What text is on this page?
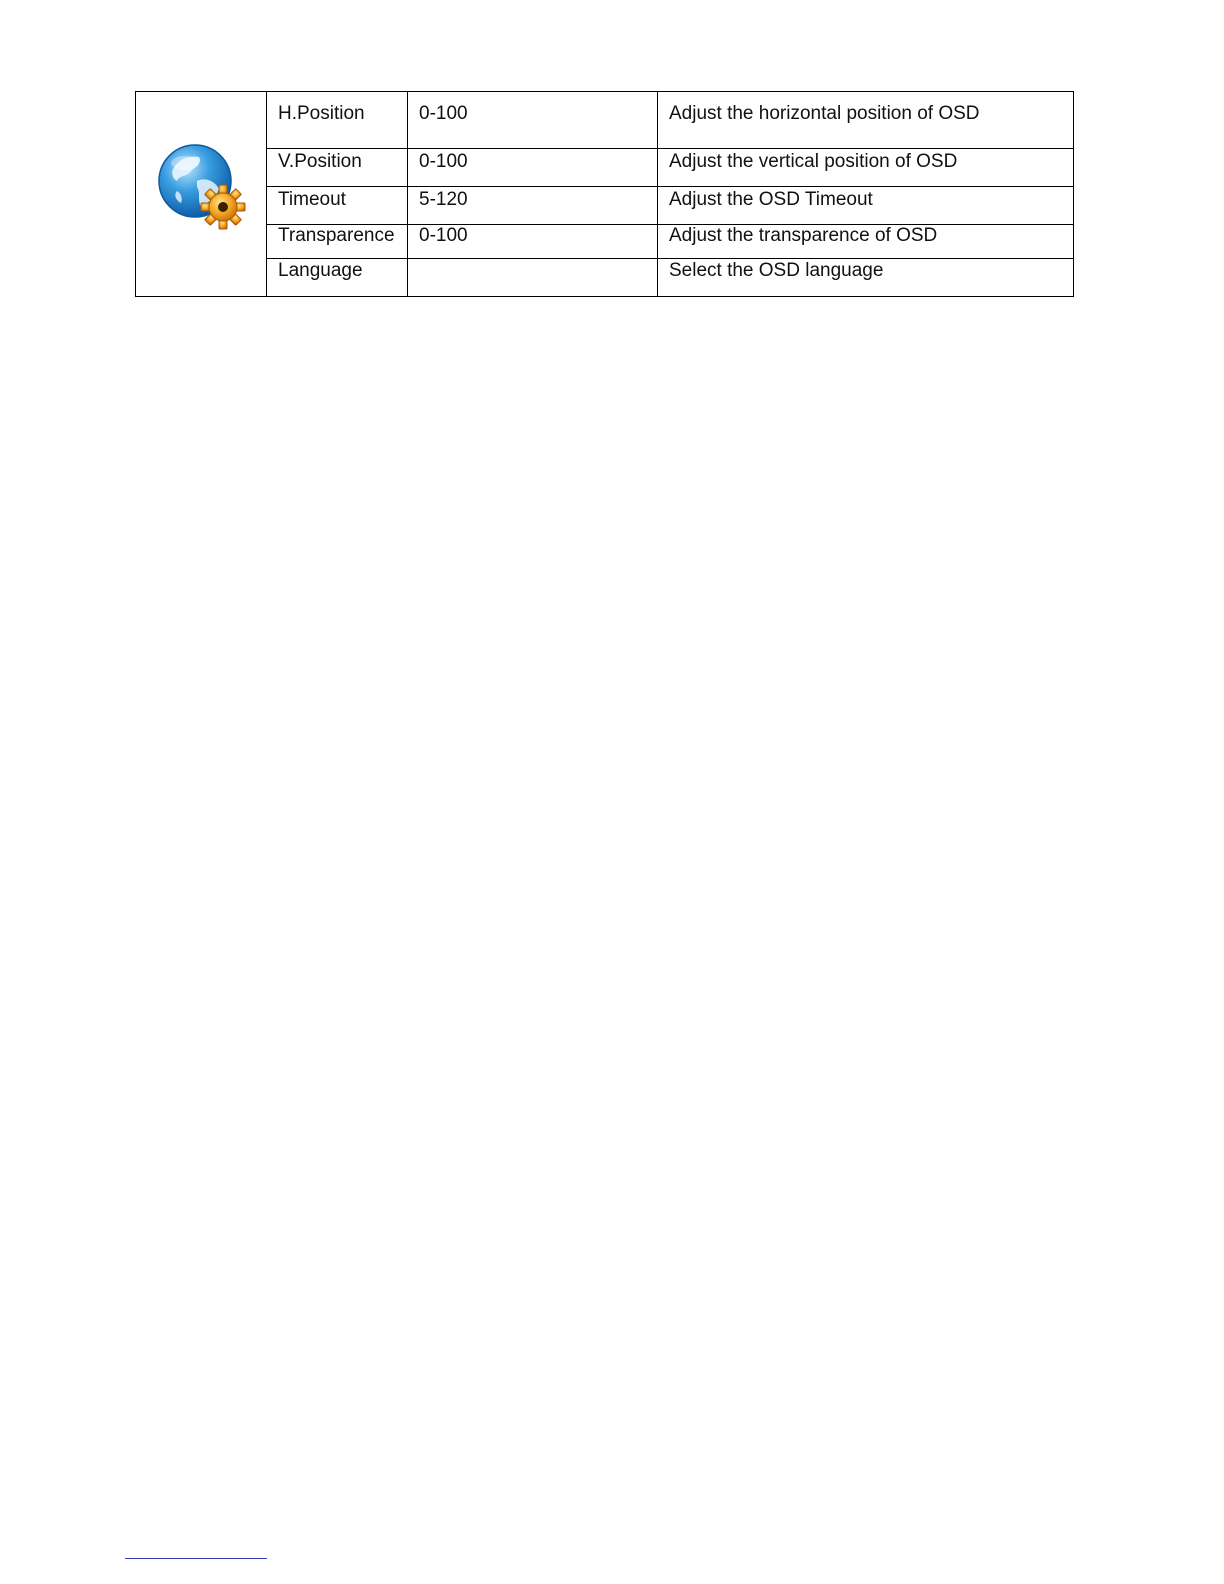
	H.Position	0-100	Adjust the horizontal position of OSD
	V.Position	0-100	Adjust the vertical position of OSD
	Timeout	5-120	Adjust the OSD Timeout
	Transparence	0-100	Adjust the transparence of OSD
	Language		Select the OSD language
